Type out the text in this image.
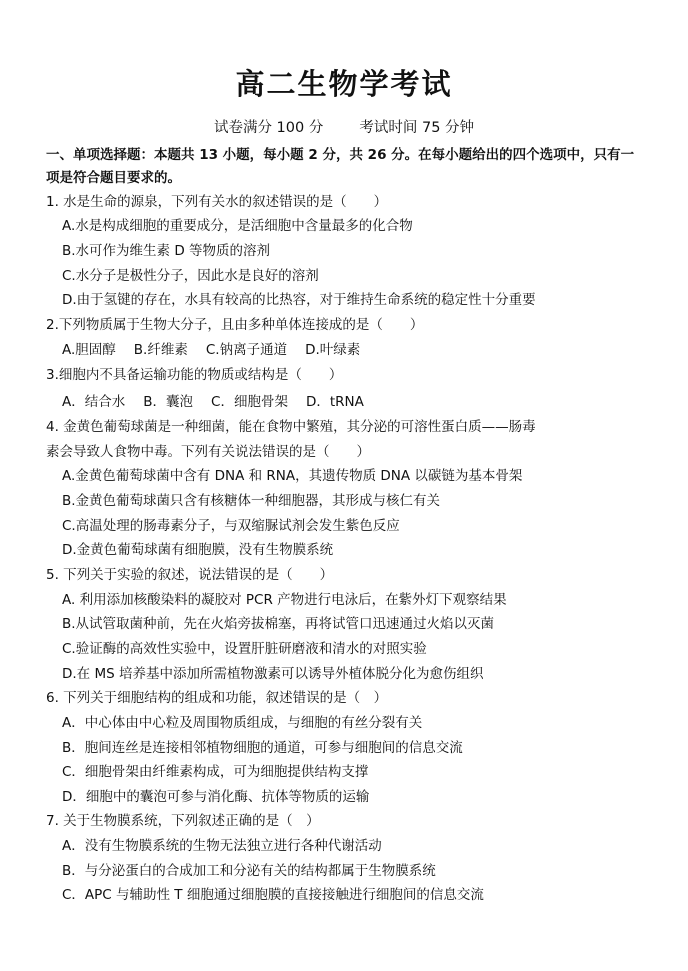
高二生物学考试
试卷满分 100 分 考试时间 75 分钟
一、单项选择题：本题共 13 小题，每小题 2 分，共 26 分。在每小题给出的四个选项中，只有一项是符合题目要求的。
1. 水是生命的源泉，下列有关水的叙述错误的是（　　）
A.水是构成细胞的重要成分，是活细胞中含量最多的化合物
B.水可作为维生素 D 等物质的溶剂
C.水分子是极性分子，因此水是良好的溶剂
D.由于氢键的存在，水具有较高的比热容，对于维持生命系统的稳定性十分重要
2.下列物质属于生物大分子，且由多种单体连接成的是（　　）
A.胆固醇 B.纤维素 C.钠离子通道 D.叶绿素
3.细胞内不具备运输功能的物质或结构是（　　）
A．结合水 B．囊泡 C．细胞骨架 D．tRNA
4. 金黄色葡萄球菌是一种细菌，能在食物中繁殖，其分泌的可溶性蛋白质——肠毒
素会导致人食物中毒。下列有关说法错误的是（　　）
A.金黄色葡萄球菌中含有 DNA 和 RNA，其遗传物质 DNA 以碳链为基本骨架
B.金黄色葡萄球菌只含有核糖体一种细胞器，其形成与核仁有关
C.高温处理的肠毒素分子，与双缩脲试剂会发生紫色反应
D.金黄色葡萄球菌有细胞膜，没有生物膜系统
5. 下列关于实验的叙述，说法错误的是（　　）
A. 利用添加核酸染料的凝胶对 PCR 产物进行电泳后，在紫外灯下观察结果
B.从试管取菌种前，先在火焰旁拔棉塞，再将试管口迅速通过火焰以灭菌
C.验证酶的高效性实验中，设置肝脏研磨液和清水的对照实验
D.在 MS 培养基中添加所需植物激素可以诱导外植体脱分化为愈伤组织
6. 下列关于细胞结构的组成和功能，叙述错误的是（　）
A．中心体由中心粒及周围物质组成，与细胞的有丝分裂有关
B．胞间连丝是连接相邻植物细胞的通道，可参与细胞间的信息交流
C．细胞骨架由纤维素构成，可为细胞提供结构支撑
D．细胞中的囊泡可参与消化酶、抗体等物质的运输
7. 关于生物膜系统，下列叙述正确的是（　）
A．没有生物膜系统的生物无法独立进行各种代谢活动
B．与分泌蛋白的合成加工和分泌有关的结构都属于生物膜系统
C．APC 与辅助性 T 细胞通过细胞膜的直接接触进行细胞间的信息交流
